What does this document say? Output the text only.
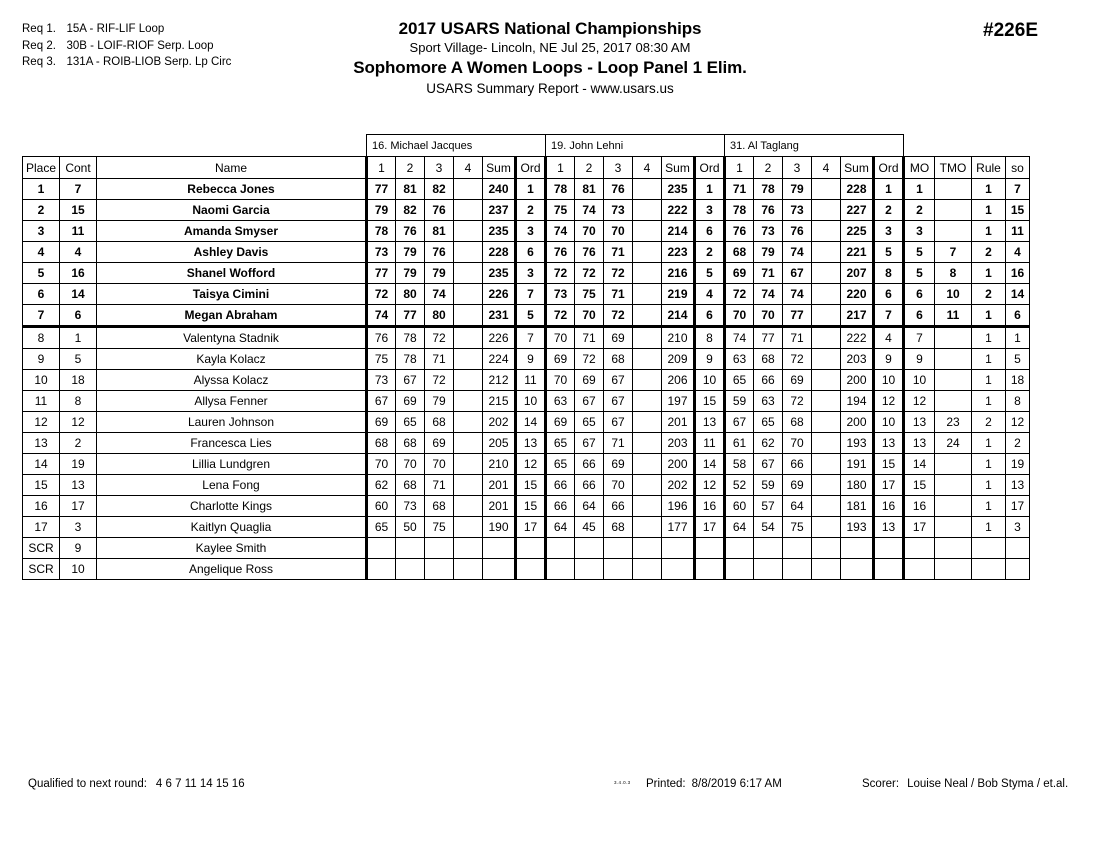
Req 1. 15A - RIF-LIF Loop
Req 2. 30B - LOIF-RIOF Serp. Loop
Req 3. 131A - ROIB-LIOB Serp. Lp Circ
2017 USARS National Championships
Sport Village- Lincoln, NE Jul 25, 2017 08:30 AM
Sophomore A Women Loops - Loop Panel 1 Elim.
USARS Summary Report - www.usars.us
#226E
			16. Michael Jacques						19. John Lehni						31. Al Taglang									
Place	Cont	Name	1	2	3	4	Sum	Ord	1	2	3	4	Sum	Ord	1	2	3	4	Sum	Ord	MO	TMO	Rule	so
1	7	Rebecca Jones	77	81	82		240	1	78	81	76		235	1	71	78	79		228	1	1		1	7
2	15	Naomi Garcia	79	82	76		237	2	75	74	73		222	3	78	76	73		227	2	2		1	15
3	11	Amanda Smyser	78	76	81		235	3	74	70	70		214	6	76	73	76		225	3	3		1	11
4	4	Ashley Davis	73	79	76		228	6	76	76	71		223	2	68	79	74		221	5	5	7	2	4
5	16	Shanel Wofford	77	79	79		235	3	72	72	72		216	5	69	71	67		207	8	5	8	1	16
6	14	Taisya Cimini	72	80	74		226	7	73	75	71		219	4	72	74	74		220	6	6	10	2	14
7	6	Megan Abraham	74	77	80		231	5	72	70	72		214	6	70	70	77		217	7	6	11	1	6
8	1	Valentyna Stadnik	76	78	72		226	7	70	71	69		210	8	74	77	71		222	4	7		1	1
9	5	Kayla Kolacz	75	78	71		224	9	69	72	68		209	9	63	68	72		203	9	9		1	5
10	18	Alyssa Kolacz	73	67	72		212	11	70	69	67		206	10	65	66	69		200	10	10		1	18
11	8	Allysa Fenner	67	69	79		215	10	63	67	67		197	15	59	63	72		194	12	12		1	8
12	12	Lauren Johnson	69	65	68		202	14	69	65	67		201	13	67	65	68		200	10	13	23	2	12
13	2	Francesca Lies	68	68	69		205	13	65	67	71		203	11	61	62	70		193	13	13	24	1	2
14	19	Lillia Lundgren	70	70	70		210	12	65	66	69		200	14	58	67	66		191	15	14		1	19
15	13	Lena Fong	62	68	71		201	15	66	66	70		202	12	52	59	69		180	17	15		1	13
16	17	Charlotte Kings	60	73	68		201	15	66	64	66		196	16	60	57	64		181	16	16		1	17
17	3	Kaitlyn Quaglia	65	50	75		190	17	64	45	68		177	17	64	54	75		193	13	17		1	3
SCR	9	Kaylee Smith																						
SCR	10	Angelique Ross																						
Qualified to next round: 4 6 7 11 14 15 16	3.4.0.3 Printed: 8/8/2019 6:17 AM	Scorer: Louise Neal / Bob Styma / et.al.
